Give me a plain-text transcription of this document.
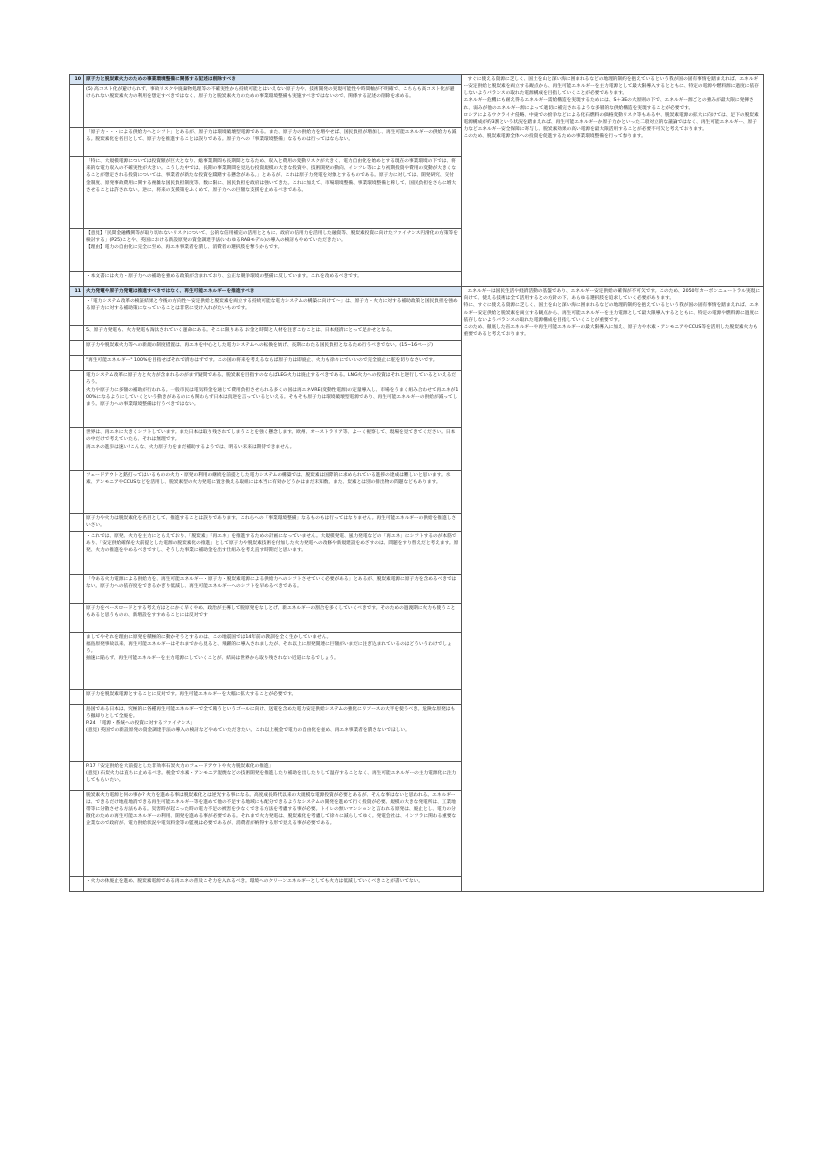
10	原子力と脱炭素火力のための事業環境整備に関係する記述は削除すべき	すぐに使える資源に乏しく、国土を山と深い海に囲まれるなどの地理的制約を抱えているという我が国の固有事情を踏まえれば、エネルギー安定供給と脱炭素を両立する観点から、再生可能エネルギーを主力電源として最大限導入するとともに、特定の電源や燃料源に過度に依存しないようバランスの取れた電源構成を目指していくことが必要であります。
エネルギー危機にも耐え得るエネルギー需給構造を実現するためには、S＋3Eの大原則の下で、エネルギー源ごとの強みが最大限に発揮され、弱みが他のエネルギー源によって適切に補完されるような多層的な供給構造を実現することが必要です。
ロシアによるウクライナ侵略、中東での紛争などによる化石燃料の価格変動リスク等もある中、脱炭素電源の拡大に向けては、足下の脱炭素電源構成が約3割という状況を踏まえれば、再生可能エネルギーか原子力かといった二項対立的な議論ではなく、再生可能エネルギー、原子力などエネルギー安全保障に寄与し、脱炭素効果の高い電源を最大限活用することが必要不可欠と考えております。
このため、脱炭素電源全体への投資を促進するための事業環境整備を行って参ります。

	(5) 高コスト化が避けられず、事故リスクや廃棄物処理等の不確実性から持続可能とはいえない原子力や、技術開発の実現可能性や時間軸が不明確で、こちらも高コスト化が避けられない脱炭素火力の利用を想定すべきではなく、原子力と脱炭素火力のための事業環境整備も実施すべきではないので、関係する記述の削除を求める。	

	「原子力・・・による供給力へとシフト」とあるが、原子力は環境破壊型電源である。また、原子力の供給力を増やせば、国民負担が増加し、再生可能エネルギーの供給力も減る。脱炭素化を名目として、原子力を推進することは誤りである。原子力への「事業環境整備」なるものは行ってはならない。	

	「特に、大規模電源については投資額が巨大となり、総事業期間も長期間となるため、収入と費用の変動リスクが大きく、電力自由化を始めとする現在の事業環境の下では、将来的な電力収入の不確実性が大きい。こうした中では、長期の事業期間を見込む投資規模の大きな投資や、技術開発の動向、インフレ等により初期投資や費用の変動が大きくなることが想定される投資については、事業者が新たな投資を躊躇する懸念がある。」とあるが、これは原子力発電を対象とするものである。原子力に対しては、開発研究、交付金制度、原発事故費用に関する複雑な国民負担制度等、数に限に、国民負担を政府は強いてきた。これに加えて、市場環境整備、事業環境整備と称して、国民負担をさらに増大させることは許されない。逆に、将来の支援策をふくめて、原子力への巨額な支援を止めるべきである。	

	【意見】「民間金融機関等が取り切れないリスクについて、公的な信用補完の活用とともに、政府の信用力を活用した融資等、脱炭素投資に向けたファイナンス円滑化の方策等を検討する」(P25)ことや、英国における新設原発の資金調達手法(いわゆるRABモデル)の導入の検討もやめていただきたい。
【理由】電力の自由化に完全に至め、再エネ事業者を潰し、消費者の選択肢を奪うからです。	

	・本文書には火力・原子力への補助を強める政策が含まれており、公正な競争環境の整備に反しています。これを改めるべきです。	

11	火力発電や原子力発電は推進すべきではなく、再生可能エネルギーを推進すべき	エネルギーは国民生活や経済活動の基盤であり、エネルギー安定供給の確保が不可欠です。このため、2050年カーボンニュートラル実現に向けて、使える技術は全て活用するとの方針の下、あらゆる選択肢を追求していく必要があります。
特に、すぐに使える資源に乏しく、国土を山と深い海に囲まれるなどの地理的制約を抱えているという我が国の固有事情を踏まえれば、エネルギー安定供給と脱炭素を両立する観点から、再生可能エネルギーを主力電源として最大限導入するとともに、特定の電源や燃料源に過度に依存しないようバランスの取れた電源構成を目指していくことが重要です。
このため、徹底した省エネルギーや再生可能エネルギーの最大限導入に加え、原子力や水素・アンモニアやCCUS等を活用した脱炭素火力も重要であると考えております。

	・「電力システム改革の検証結果と今後の方向性〜安定供給と脱炭素を両立する持続可能な電力システムの構築に向けて〜」は、原子力・火力に対する補助政策と国民負担を強める原子力に対する補助策になっていることは非常に受け入れがたいものです。	

	5、原子力発電も、火力発電も淘汰されていく運命にある。そこに限りある お金と時間と人材を注ぎこむことは、日本経済にとって足かせとなる。	

	原子力や脱炭素火力等への新規の制度措置は、再エネを中心とした電力システムへの転換を妨げ、長期にわたる国民負担となるため行うべきでない。(15−16ページ)	

	"再生可能エネルギー" 100%を目指せばそれで済むはずです。この国の将来を考えるならば原子力は即廃止、火力も徐々にでいいので完全廃止に舵を切りなさいです。	

	電力システム改革に原子力と火力が含まれるのがまず疑問である。脱炭素を目指すのならばLEG火力は廃止するべきである。LNG火力への投資はそれと逆行しているといえるだろう。
火力や原子力に多額の補助が行われる。一般市民は電気料金を通じて費用負担させられる多くの国は再エネVRE(変動性電源)の定量導入し、市場をうまく組み合わせて再エネが100%になるようにしていくという動きがあるのにも関わらず日本は真逆を言っているといえる。そもそも原子力は環境破壊型電源であり、再生可能エネルギーの供給が減ってしまう。原子力への事業環境整備は行うべきではない。	

	世界は、再エネに大きくシフトしています。また日本は取り残されてしまうことを強く懸念します。欧州、オーストラリア等、よーく視察して、現場を見てきてください。日本の中だけで考えていたら、それは無理です。
再エネの進歩は速い!こんな、火力原子力をまだ補助するようでは、明るい未来は期待できません。	

	フェードアウトと銘打ってはいるものの火力・原発の利用の継続を前提とした電力システムの構築では、脱炭素は国際的に求められている進捗の達成は難しいと思います。水素、アンモニアやCCUSなどを活用し、脱炭素型の火力発電に置き換える取組には本当に有効かどうかはまだ未知数、また、炭素とは別の排出物の問題などもあります。	

	原子力や火力は脱炭素化を名目として、推進することは誤りであります。これらへの「事業環境整備」なるものもは行ってはなりません。再生可能エネルギーの供給を推進しさいさい。	

	・これでは、原発、火力を主力にとらえており、「脱炭素」「再エネ」を推進するための計画になっていません。大規模発電、風力発電などの「再エネ」にシフトするのが本筋であり、「安定供給確保を大前提とした電源の脱炭素化の推進」として原子力や脱炭素技術を付加した火力発電への改修や新規建設をめざすのは、問題をすり替えだと考えます。原発、火力の推進をやめるべきですし、そうした事業に補助金を出す仕組みを考え直す時期だと思います。	

	「今ある火力電源による供給力を、再生可能エネルギー・原子力・脱炭素電源による供給力へのシフトさせていく必要がある」とあるが、脱炭素電源に原子力を含めるべきではない。原子力への依存度をできるかぎり低減し、再生可能エネルギーへのシフトを早めるべきである。	

	原子力をベースロードとする考え方はとにかく早くやめ、政治が主導して脱原発をなしとげ、新エネルギーの割合を多くしていくべきです。そのための過渡期に火力も使うこともあると思うものの、新増設をすすめることには反対です	

	ましてやそれを理由に原発を積極的に動かそうとするのは、この地震国では14年前の教訓を全く生かしていません。
福島原発事故以来、再生可能エネルギーはそれまでから見ると、飛躍的に導入されましたが、それ以上に原発開連に巨額がいまだに注ぎ込まれているのはどういうわけでしょう。
抽速に陥らず、再生可能エネルギーを主力電源にしていくことが、結局は世界から取り残されない近道になるでしょう。	

	原子力を脱炭素電源とすることに反対です。再生可能エネルギーを大幅に拡大することが必要です。	

	島国である日本は、究極的に各種再生可能エネルギーで全て賄うというゴールに向け、送電を含めた電力安定供給システムの強化にリソースの大半を使うべき。危険な原発はもう撤却りとして全廃を。
P.24 「電源・系統への投資に対するファイナンス」
(意見) 英国での新設原発の資金調達手法の導入の検討などやめていただきたい。これ以上税金で電力の自由化を並め、再エネ事業者を潰さないでほしい。	

	P.17「安定供給を大前提とした非効率石炭火力のフェードアウトや火力脱炭素化の推進」
(意見) 石炭火力は直ちに止めるべき。税金で水素・アンモニア混焼などの技術開発を推進したり補助を出したりして温存することなく、再生可能エネルギーの主力電源化に注力してもらいたい。	

	脱炭素火力電源と何の事か? 火力を進める事は脱炭素化とは逆光する事になる。高度成長時代以来の大規模な電源投資が必要とあるが、そんな事はないと思われる。エネルギーは、できるだけ地産地消できる再生可能エネルギー等を進めて他の不足する地域にも配分できるようなシステムの開発を進めて行く投資が必要。規模の大きな発電所は、工業地帯等に分散させる方法もある。災害時が起こった時の電力不足の被害を少なくできる方法を考慮する事が必要。トイレの無いマンションと言われる原発は、廃止とし、電力の分散化のための再生可能エネルギーの利用、開発を進める事が必要である。それまで火力発電は、脱炭素化を考慮して徐々に減らしてゆく。発電会社は、インフラに関わる重要な企業なので政府が、電力供給状況や電気料金等の監視は必要であるが、消費者が納得する形で見える事が必要である。	

	・火力の休廃止を進め、脱炭素電源である再エネの普及こそ力を入れるべき。環境へのクリーンエネルギーとしても火力は低減していくべきことが書いてない。	
